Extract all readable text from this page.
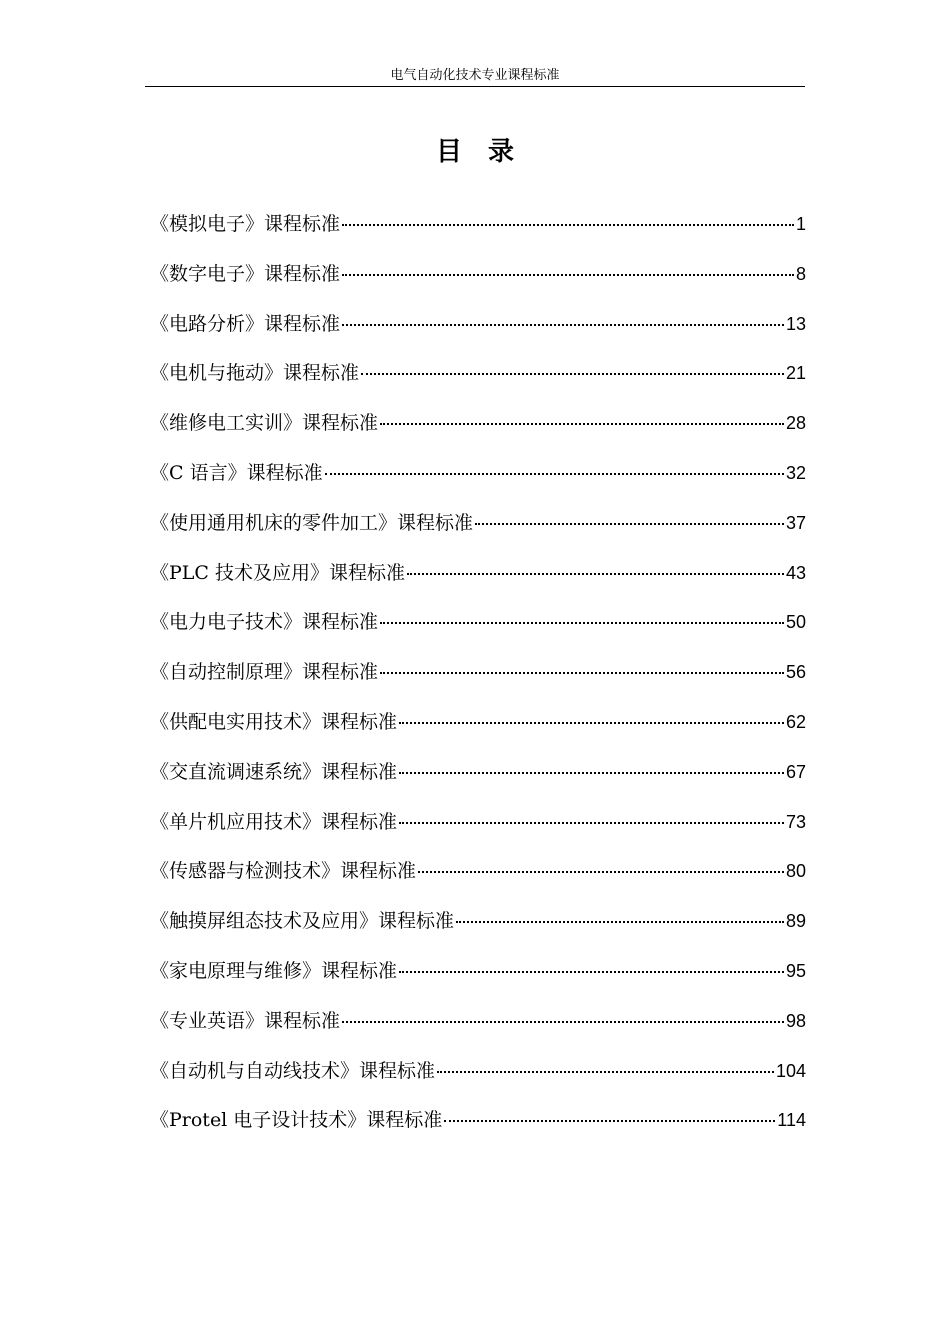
电气自动化技术专业课程标准
目录
《模拟电子》课程标准	1
《数字电子》课程标准	8
《电路分析》课程标准	13
《电机与拖动》课程标准	21
《维修电工实训》课程标准	28
《C 语言》课程标准	32
《使用通用机床的零件加工》课程标准	37
《PLC 技术及应用》课程标准	43
《电力电子技术》课程标准	50
《自动控制原理》课程标准	56
《供配电实用技术》课程标准	62
《交直流调速系统》课程标准	67
《单片机应用技术》课程标准	73
《传感器与检测技术》课程标准	80
《触摸屏组态技术及应用》课程标准	89
《家电原理与维修》课程标准	95
《专业英语》课程标准	98
《自动机与自动线技术》课程标准	104
《Protel 电子设计技术》课程标准	114
